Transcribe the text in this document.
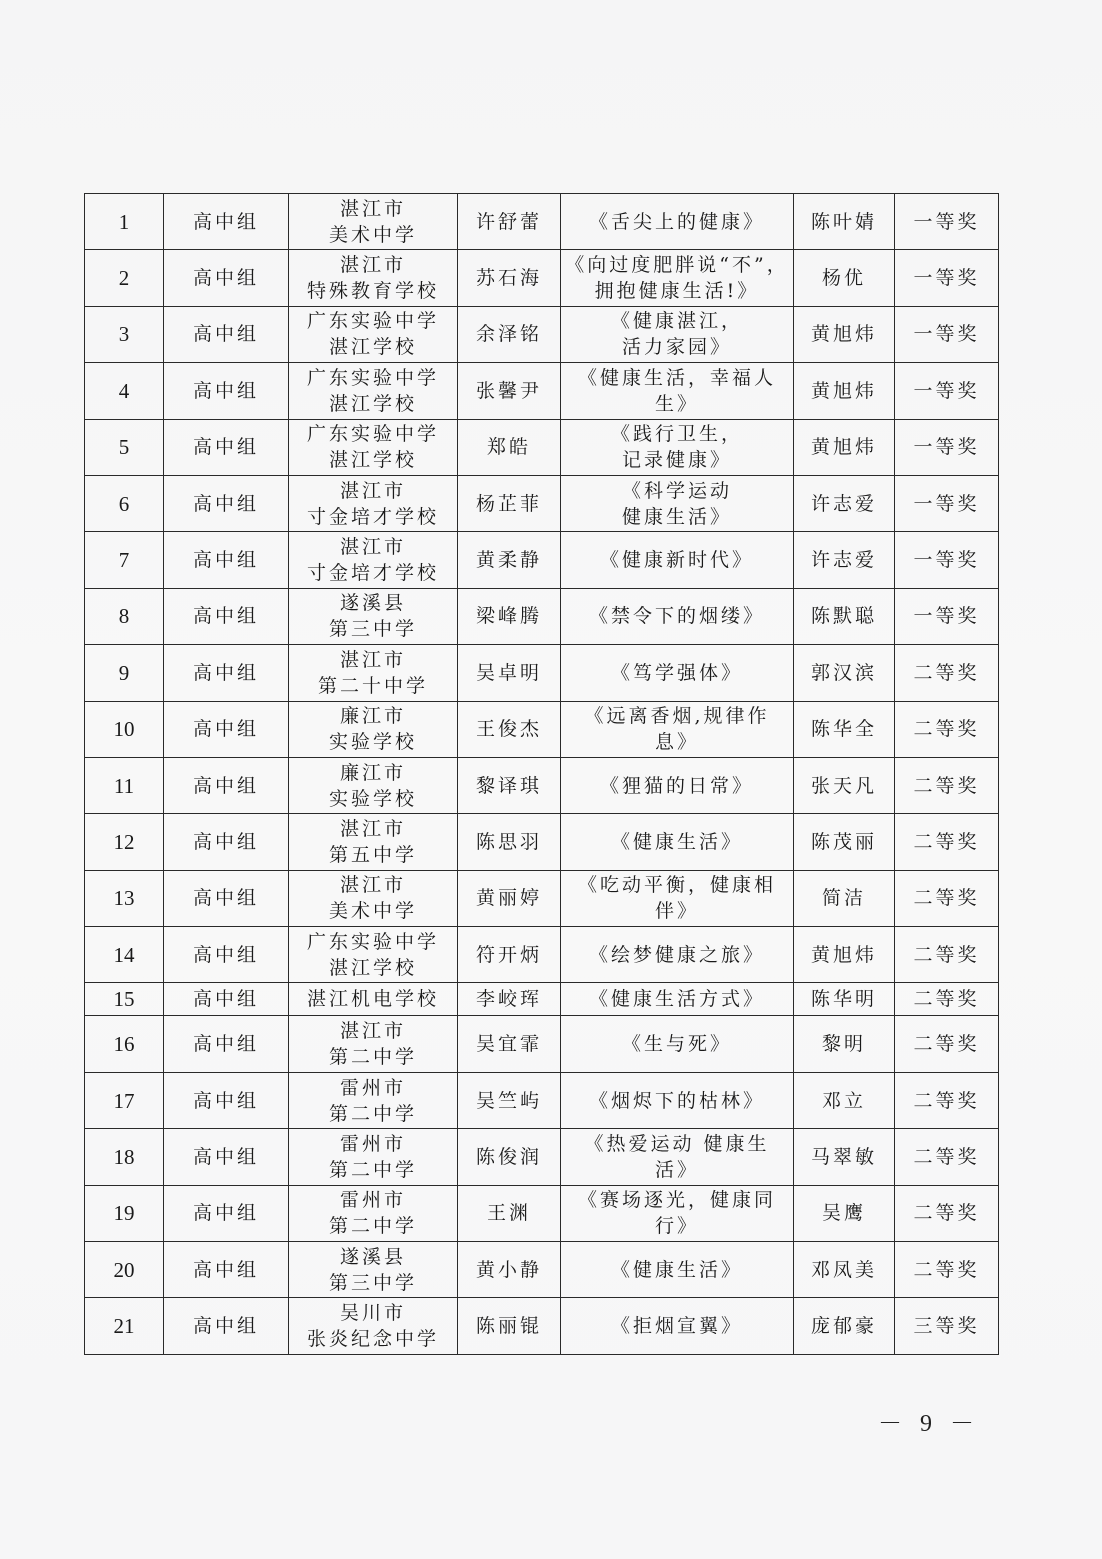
1	高中组	湛江市
美术中学	许舒蕾	《舌尖上的健康》	陈叶婧	一等奖

2	高中组	湛江市
特殊教育学校	苏石海	《向过度肥胖说“不”，
拥抱健康生活!》	杨优	一等奖

3	高中组	广东实验中学
湛江学校	余泽铭	《健康湛江，
活力家园》	黄旭炜	一等奖

4	高中组	广东实验中学
湛江学校	张馨尹	《健康生活，幸福人
生》	黄旭炜	一等奖

5	高中组	广东实验中学
湛江学校	郑皓	《践行卫生，
记录健康》	黄旭炜	一等奖

6	高中组	湛江市
寸金培才学校	杨芷菲	《科学运动
健康生活》	许志爱	一等奖

7	高中组	湛江市
寸金培才学校	黄柔静	《健康新时代》	许志爱	一等奖

8	高中组	遂溪县
第三中学	梁峰腾	《禁令下的烟缕》	陈默聪	一等奖

9	高中组	湛江市
第二十中学	吴卓明	《笃学强体》	郭汉滨	二等奖

10	高中组	廉江市
实验学校	王俊杰	《远离香烟,规律作
息》	陈华全	二等奖

11	高中组	廉江市
实验学校	黎译琪	《狸猫的日常》	张天凡	二等奖

12	高中组	湛江市
第五中学	陈思羽	《健康生活》	陈茂丽	二等奖

13	高中组	湛江市
美术中学	黄丽婷	《吃动平衡，健康相
伴》	简洁	二等奖

14	高中组	广东实验中学
湛江学校	符开炳	《绘梦健康之旅》	黄旭炜	二等奖

15	高中组	湛江机电学校	李峧珲	《健康生活方式》	陈华明	二等奖

16	高中组	湛江市
第二中学	吴宜霏	《生与死》	黎明	二等奖

17	高中组	雷州市
第二中学	吴竺屿	《烟烬下的枯林》	邓立	二等奖

18	高中组	雷州市
第二中学	陈俊润	《热爱运动 健康生
活》	马翠敏	二等奖

19	高中组	雷州市
第二中学	王渊	《赛场逐光，健康同
行》	吴鹰	二等奖

20	高中组	遂溪县
第三中学	黄小静	《健康生活》	邓凤美	二等奖

21	高中组	吴川市
张炎纪念中学	陈丽锟	《拒烟宣翼》	庞郁豪	三等奖
－ 9 －
